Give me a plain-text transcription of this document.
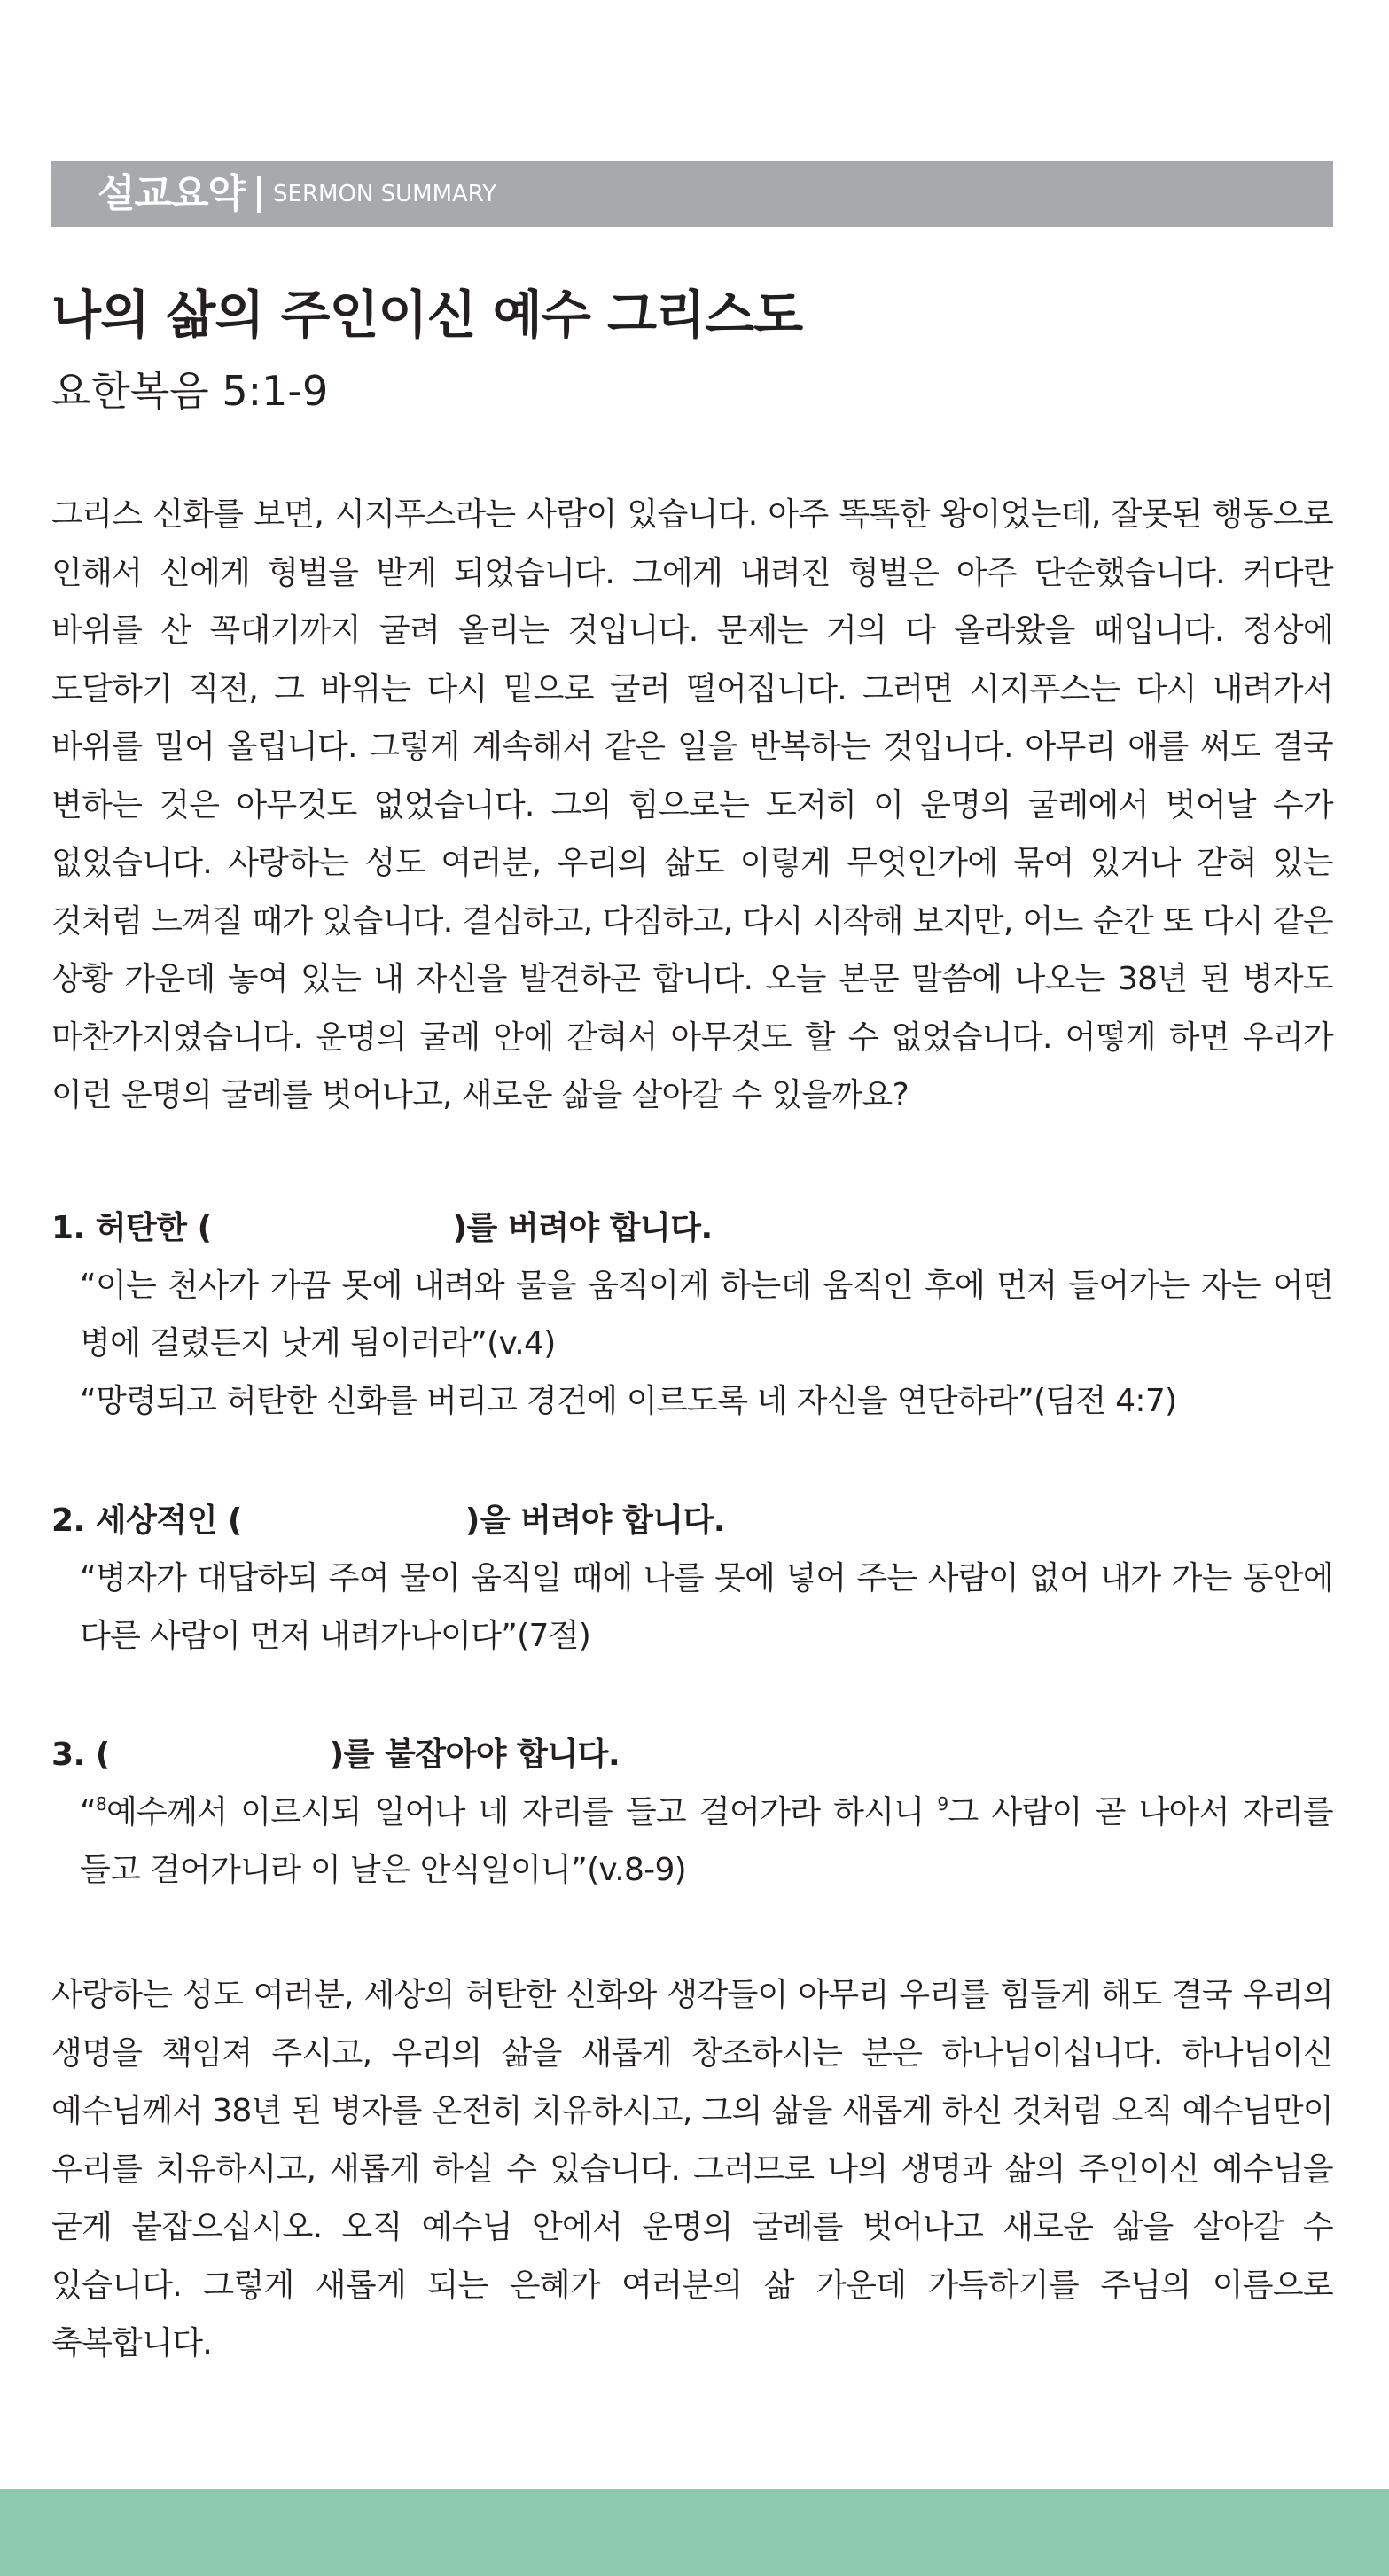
설교요약 SERMON SUMMARY
나의 삶의 주인이신 예수 그리스도
요한복음 5:1-9

그리스 신화를 보면, 시지푸스라는 사람이 있습니다. 아주 똑똑한 왕이었는데, 잘못된 행동으로 인해서 신에게 형벌을 받게 되었습니다. 그에게 내려진 형벌은 아주 단순했습니다. 커다란 바위를 산 꼭대기까지 굴려 올리는 것입니다. 문제는 거의 다 올라왔을 때입니다. 정상에 도달하기 직전, 그 바위는 다시 밑으로 굴러 떨어집니다. 그러면 시지푸스는 다시 내려가서 바위를 밀어 올립니다. 그렇게 계속해서 같은 일을 반복하는 것입니다. 아무리 애를 써도 결국 변하는 것은 아무것도 없었습니다. 그의 힘으로는 도저히 이 운명의 굴레에서 벗어날 수가 없었습니다. 사랑하는 성도 여러분, 우리의 삶도 이렇게 무엇인가에 묶여 있거나 갇혀 있는 것처럼 느껴질 때가 있습니다. 결심하고, 다짐하고, 다시 시작해 보지만, 어느 순간 또 다시 같은 상황 가운데 놓여 있는 내 자신을 발견하곤 합니다. 오늘 본문 말씀에 나오는 38년 된 병자도 마찬가지였습니다. 운명의 굴레 안에 갇혀서 아무것도 할 수 없었습니다. 어떻게 하면 우리가 이런 운명의 굴레를 벗어나고, 새로운 삶을 살아갈 수 있을까요?

1. 허탄한 (	)를 버려야 합니다.

“이는 천사가 가끔 못에 내려와 물을 움직이게 하는데 움직인 후에 먼저 들어가는 자는 어떤 병에 걸렸든지 낫게 됨이러라”(v.4)

“망령되고 허탄한 신화를 버리고 경건에 이르도록 네 자신을 연단하라”(딤전 4:7)

2. 세상적인 (	)을 버려야 합니다.

“병자가 대답하되 주여 물이 움직일 때에 나를 못에 넣어 주는 사람이 없어 내가 가는 동안에 다른 사람이 먼저 내려가나이다”(7절)

3. (	)를 붙잡아야 합니다.

“$^8$예수께서 이르시되 일어나 네 자리를 들고 걸어가라 하시니 $^9$그 사람이 곧 나아서 자리를 들고 걸어가니라 이 날은 안식일이니”(v.8-9)

사랑하는 성도 여러분, 세상의 허탄한 신화와 생각들이 아무리 우리를 힘들게 해도 결국 우리의 생명을 책임져 주시고, 우리의 삶을 새롭게 창조하시는 분은 하나님이십니다. 하나님이신 예수님께서 38년 된 병자를 온전히 치유하시고, 그의 삶을 새롭게 하신 것처럼 오직 예수님만이 우리를 치유하시고, 새롭게 하실 수 있습니다. 그러므로 나의 생명과 삶의 주인이신 예수님을 굳게 붙잡으십시오. 오직 예수님 안에서 운명의 굴레를 벗어나고 새로운 삶을 살아갈 수 있습니다. 그렇게 새롭게 되는 은혜가 여러분의 삶 가운데 가득하기를 주님의 이름으로 축복합니다.
